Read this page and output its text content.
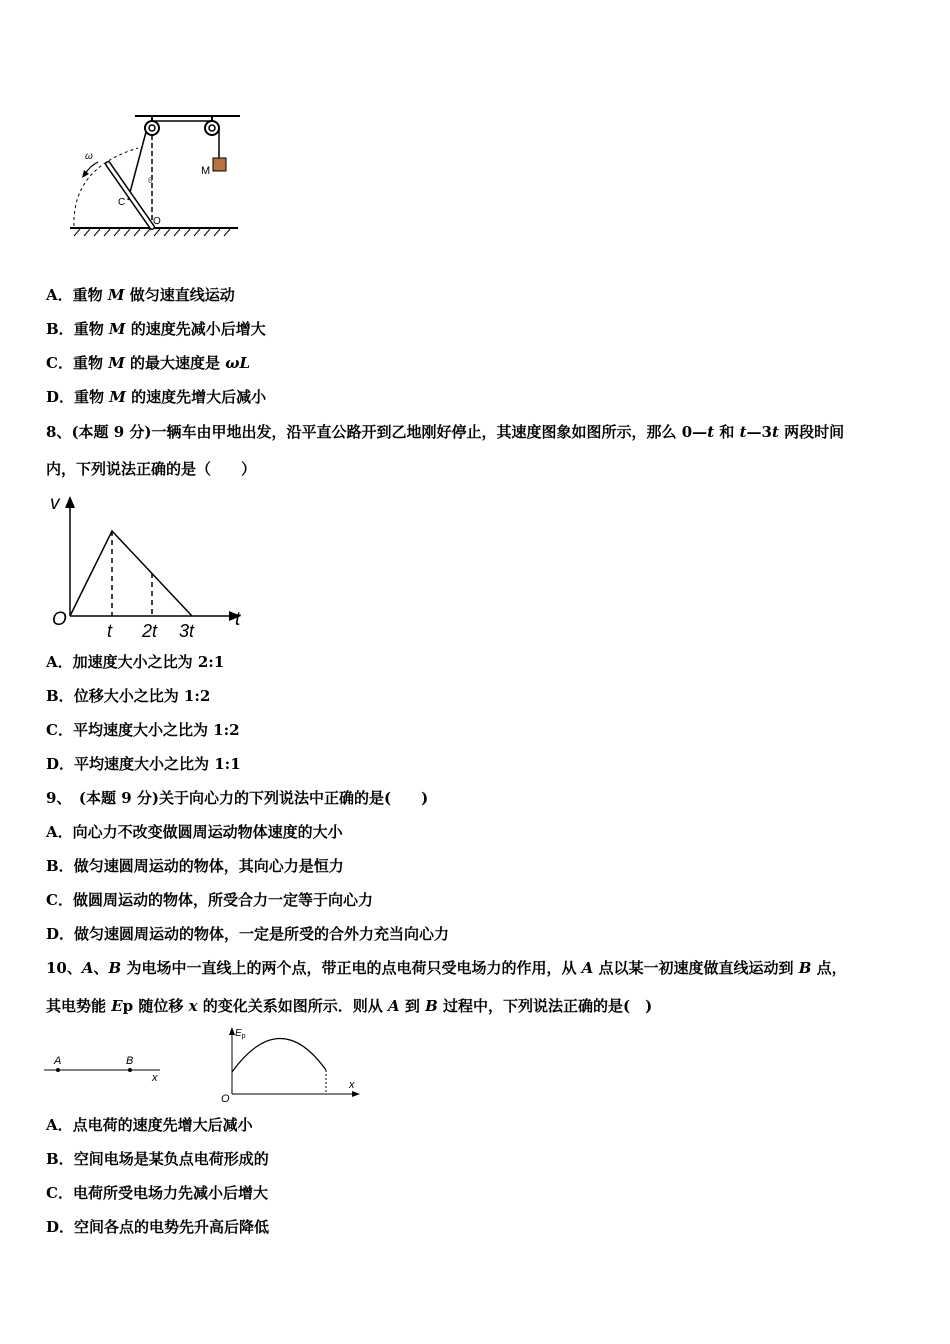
ω
θ
M
C
O
A．重物 M 做匀速直线运动
B．重物 M 的速度先减小后增大
C．重物 M 的最大速度是 ωL
D．重物 M 的速度先增大后减小
8、(本题 9 分)一辆车由甲地出发，沿平直公路开到乙地刚好停止，其速度图象如图所示，那么 0—t 和 t—3t 两段时间
内，下列说法正确的是（　　）
v
O	t
t 2t 3t
A．加速度大小之比为 2:1
B．位移大小之比为 1:2
C．平均速度大小之比为 1:2
D．平均速度大小之比为 1:1
9、　(本题 9 分)关于向心力的下列说法中正确的是(　　)
A．向心力不改变做圆周运动物体速度的大小
B．做匀速圆周运动的物体，其向心力是恒力
C．做圆周运动的物体，所受合力一定等于向心力
D．做匀速圆周运动的物体，一定是所受的合外力充当向心力
10、A、B 为电场中一直线上的两个点，带正电的点电荷只受电场力的作用，从 A 点以某一初速度做直线运动到 B 点，
其电势能 Ep 随位移 x 的变化关系如图所示．则从 A 到 B 过程中，下列说法正确的是(　)
A	B
x
$E_p$
O
x
A．点电荷的速度先增大后减小
B．空间电场是某负点电荷形成的
C．电荷所受电场力先减小后增大
D．空间各点的电势先升高后降低
